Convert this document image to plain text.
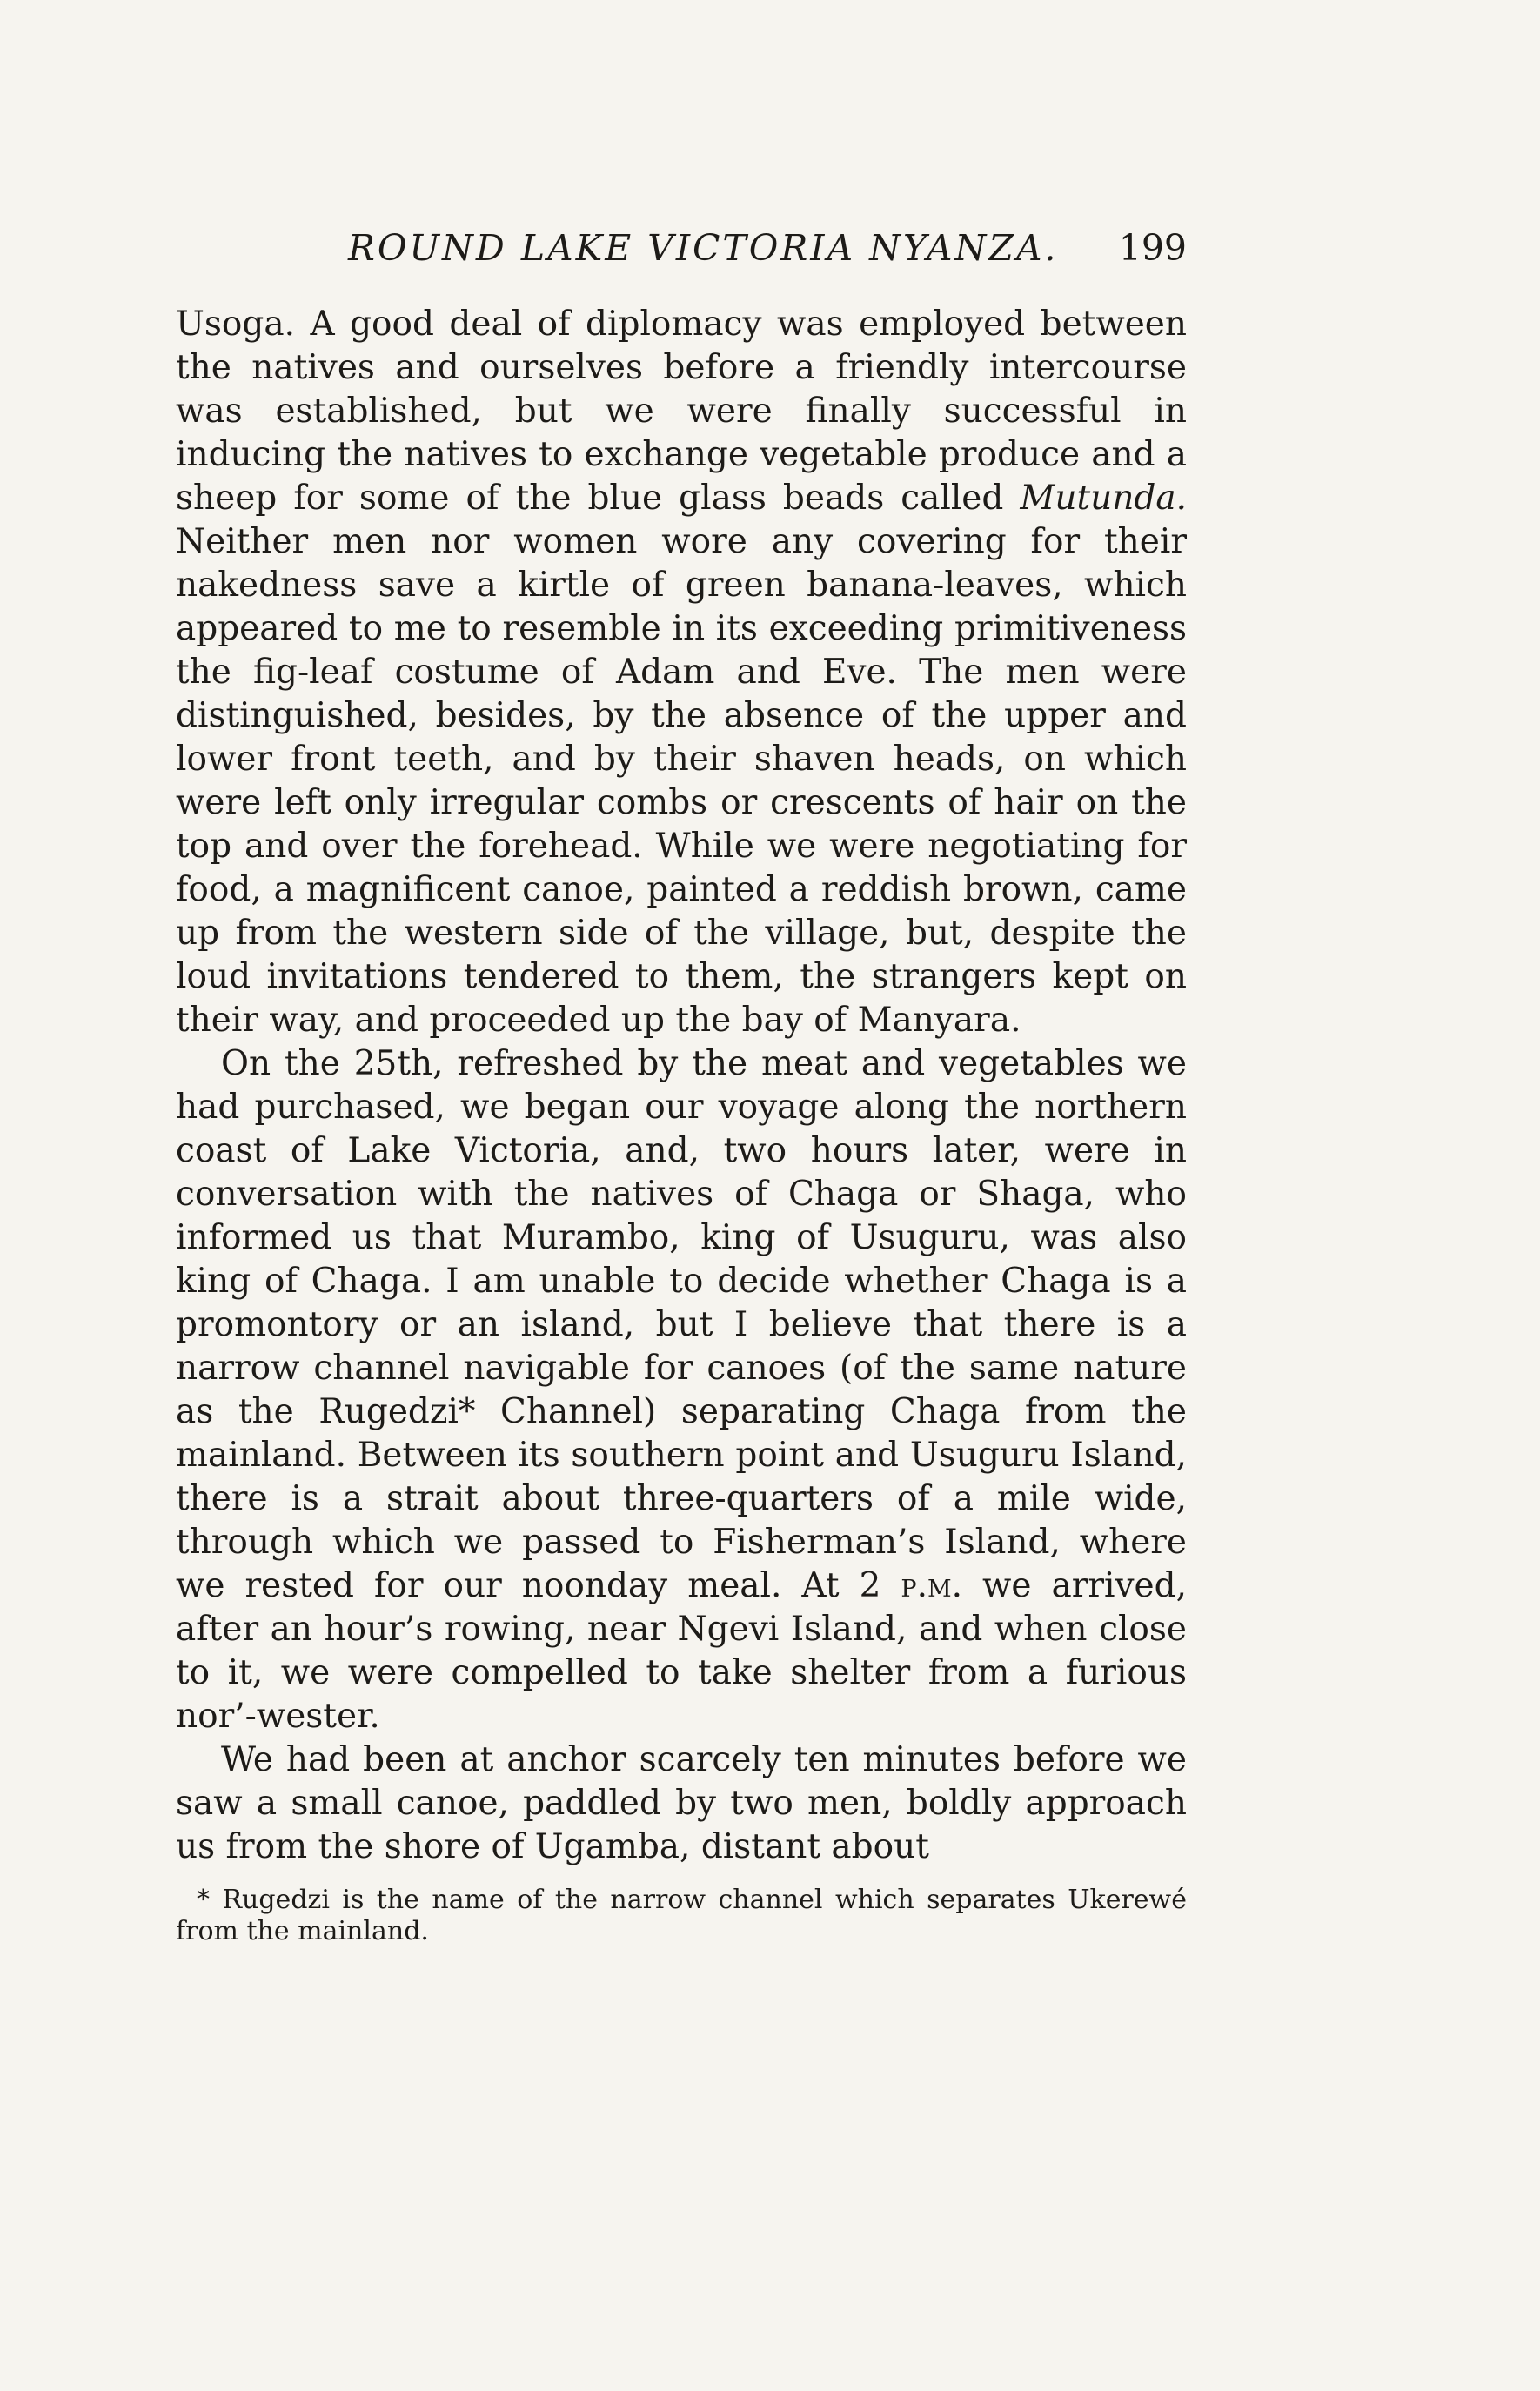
ROUND LAKE VICTORIA NYANZA. 199

Usoga. A good deal of diplomacy was employed between the natives and ourselves before a friendly intercourse was established, but we were finally successful in inducing the natives to exchange vegetable produce and a sheep for some of the blue glass beads called Mutunda. Neither men nor women wore any covering for their nakedness save a kirtle of green banana-leaves, which appeared to me to resemble in its exceeding primitiveness the fig-leaf costume of Adam and Eve. The men were distinguished, besides, by the absence of the upper and lower front teeth, and by their shaven heads, on which were left only irregular combs or crescents of hair on the top and over the forehead. While we were negotiating for food, a magnificent canoe, painted a reddish brown, came up from the western side of the village, but, despite the loud invitations tendered to them, the strangers kept on their way, and proceeded up the bay of Manyara.

On the 25th, refreshed by the meat and vegetables we had purchased, we began our voyage along the northern coast of Lake Victoria, and, two hours later, were in conversation with the natives of Chaga or Shaga, who informed us that Murambo, king of Usuguru, was also king of Chaga. I am unable to decide whether Chaga is a promontory or an island, but I believe that there is a narrow channel navigable for canoes (of the same nature as the Rugedzi* Channel) separating Chaga from the mainland. Between its southern point and Usuguru Island, there is a strait about three-quarters of a mile wide, through which we passed to Fisherman’s Island, where we rested for our noonday meal. At 2 p.m. we arrived, after an hour’s rowing, near Ngevi Island, and when close to it, we were compelled to take shelter from a furious nor’-wester.

We had been at anchor scarcely ten minutes before we saw a small canoe, paddled by two men, boldly approach us from the shore of Ugamba, distant about

* Rugedzi is the name of the narrow channel which separates Ukerewé from the mainland.
